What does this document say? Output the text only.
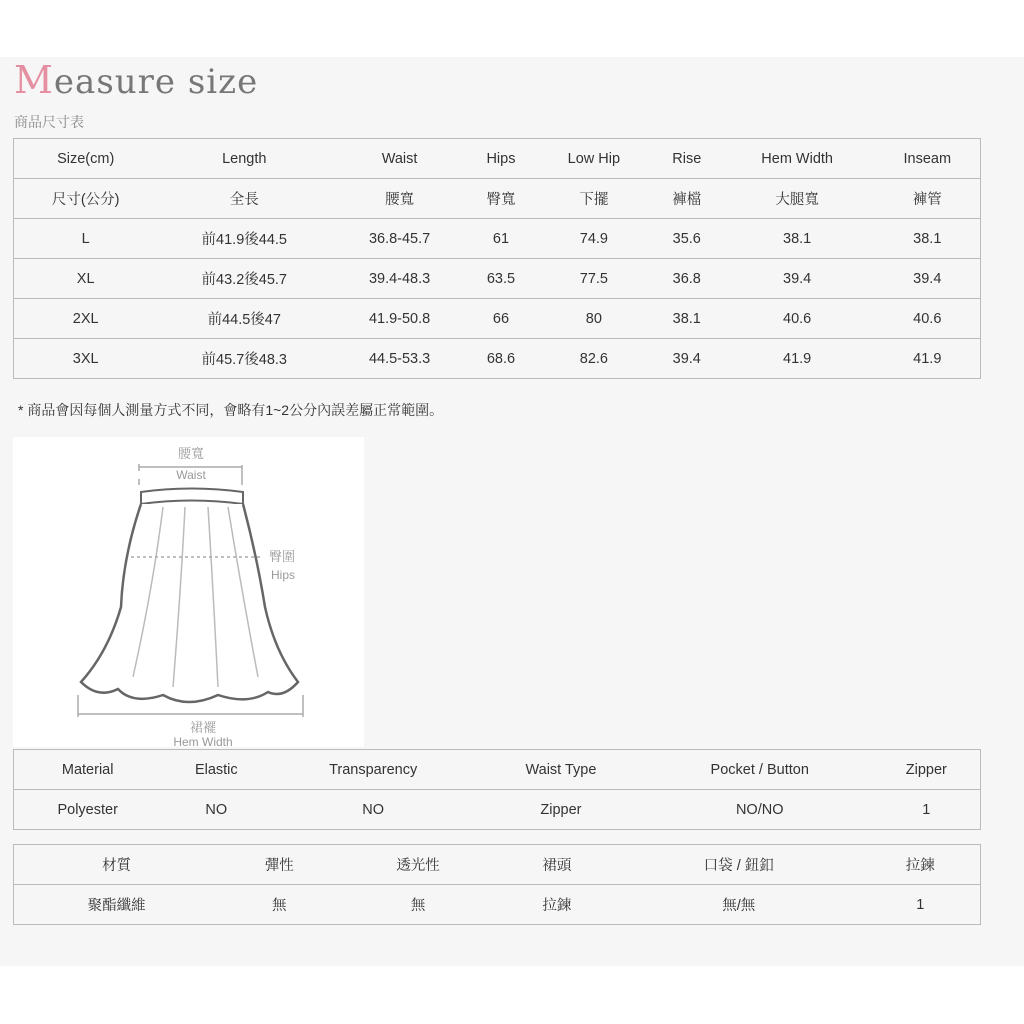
Measure size
商品尺寸表
Size(cm)	Length	Waist	Hips	Low Hip	Rise	Hem Width	Inseam
尺寸(公分)	全長	腰寬	臀寬	下擺	褲檔	大腿寬	褲管
L	前41.9後44.5	36.8-45.7	61	74.9	35.6	38.1	38.1
XL	前43.2後45.7	39.4-48.3	63.5	77.5	36.8	39.4	39.4
2XL	前44.5後47	41.9-50.8	66	80	38.1	40.6	40.6
3XL	前45.7後48.3	44.5-53.3	68.6	82.6	39.4	41.9	41.9
* 商品會因每個人測量方式不同，會略有1~2公分內誤差屬正常範圍。
腰寬
Waist
臀圍
Hips
裙襬
Hem Width
Material	Elastic	Transparency	Waist Type	Pocket / Button	Zipper
Polyester	NO	NO	Zipper	NO/NO	1
材質	彈性	透光性	裙頭	口袋 / 鈕釦	拉鍊
聚酯纖維	無	無	拉鍊	無/無	1
